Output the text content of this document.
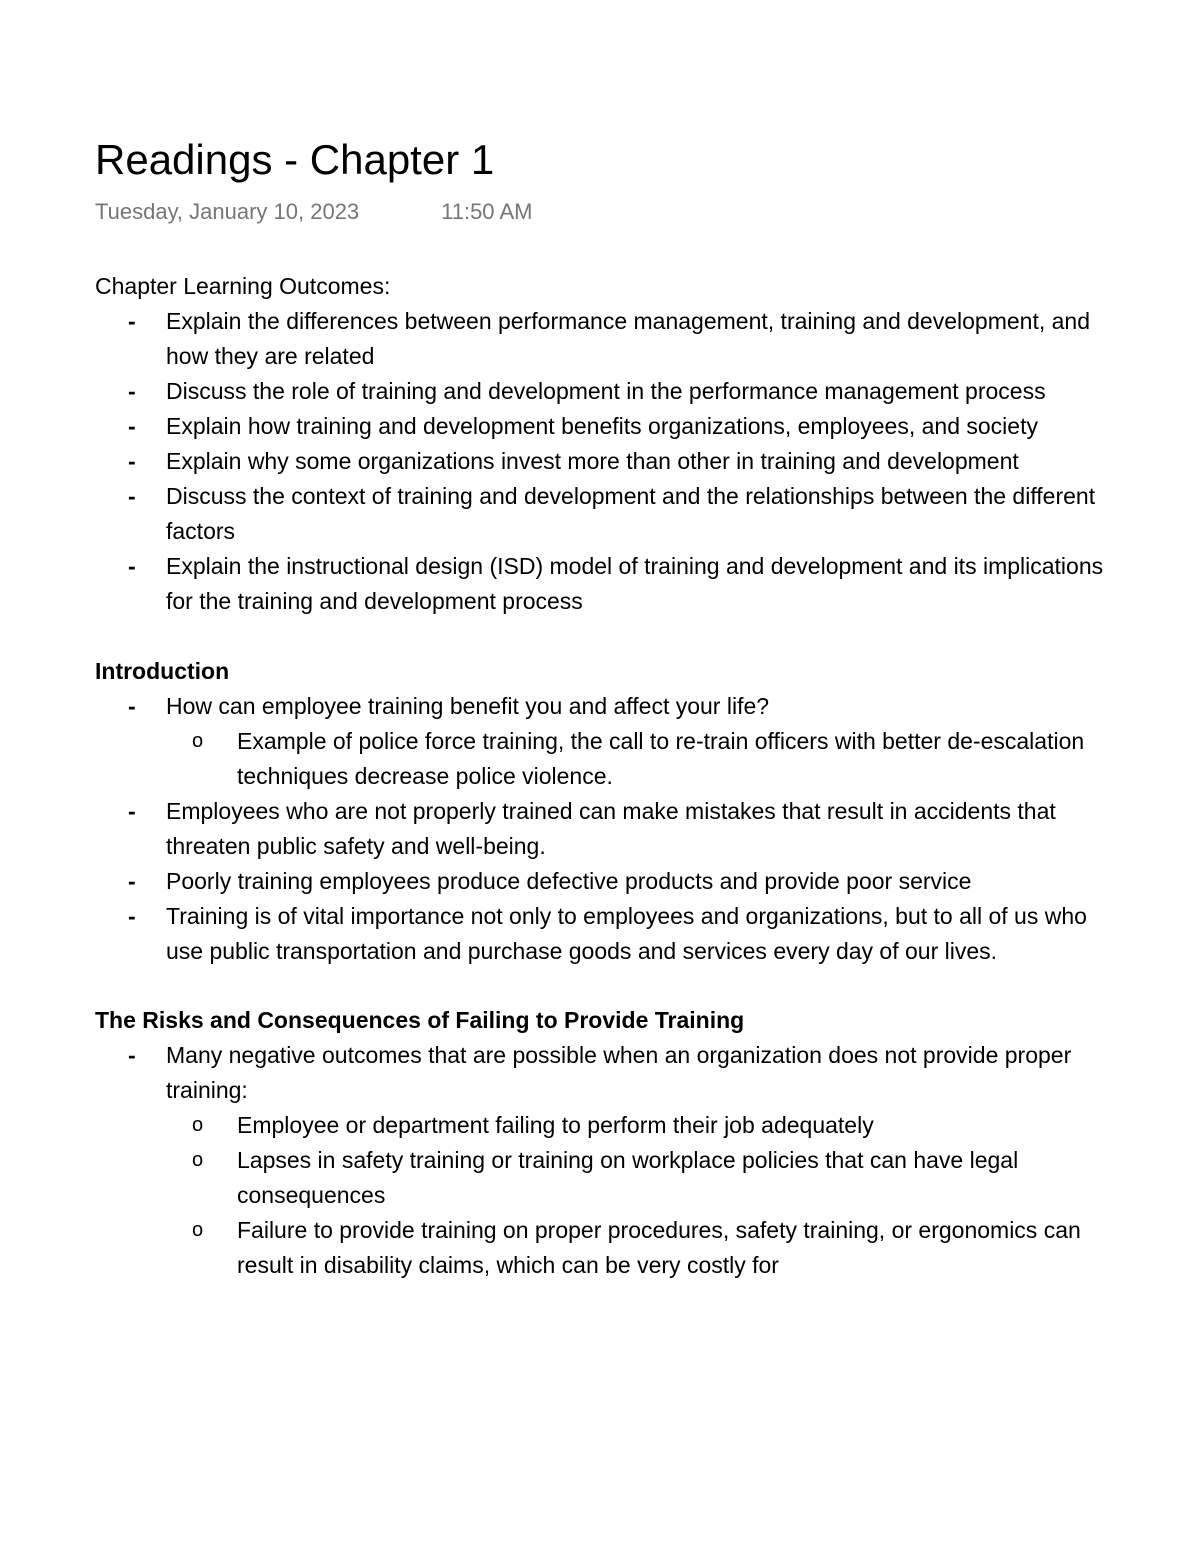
Readings - Chapter 1
Tuesday, January 10, 2023	11:50 AM

Chapter Learning Outcomes:

-	Explain the differences between performance management, training and development, and how they are related
-	Discuss the role of training and development in the performance management process
-	Explain how training and development benefits organizations, employees, and society
-	Explain why some organizations invest more than other in training and development
-	Discuss the context of training and development and the relationships between the different factors
-	Explain the instructional design (ISD) model of training and development and its implications for the training and development process

Introduction

-	How can employee training benefit you and affect your life?
o	Example of police force training, the call to re-train officers with better de-escalation techniques decrease police violence.
-	Employees who are not properly trained can make mistakes that result in accidents that threaten public safety and well-being.
-	Poorly training employees produce defective products and provide poor service
-	Training is of vital importance not only to employees and organizations, but to all of us who use public transportation and purchase goods and services every day of our lives.

The Risks and Consequences of Failing to Provide Training

-	Many negative outcomes that are possible when an organization does not provide proper training:
o	Employee or department failing to perform their job adequately
o	Lapses in safety training or training on workplace policies that can have legal consequences
o	Failure to provide training on proper procedures, safety training, or ergonomics can result in disability claims, which can be very costly for
